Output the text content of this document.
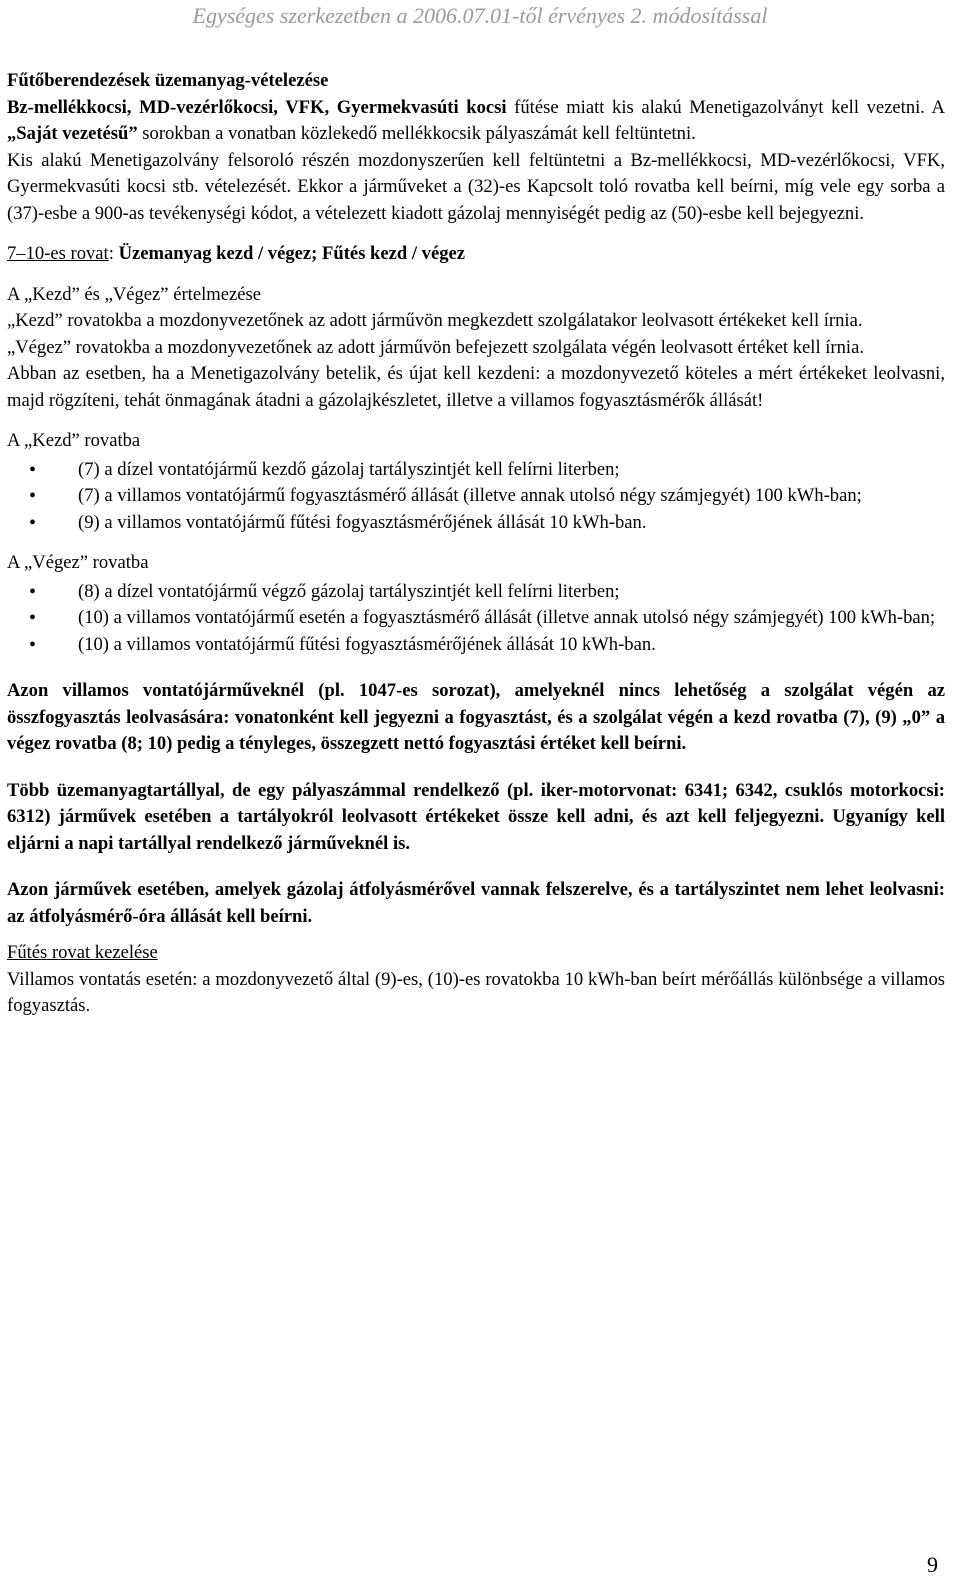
Egységes szerkezetben a 2006.07.01-től érvényes 2. módosítással

Fűtőberendezések üzemanyag-vételezése

Bz-mellékkocsi, MD-vezérlőkocsi, VFK, Gyermekvasúti kocsi fűtése miatt kis alakú Menetigazolványt kell vezetni. A „Saját vezetésű” sorokban a vonatban közlekedő mellékkocsik pályaszámát kell feltüntetni.

Kis alakú Menetigazolvány felsoroló részén mozdonyszerűen kell feltüntetni a Bz-mellékkocsi, MD-vezérlőkocsi, VFK, Gyermekvasúti kocsi stb. vételezését. Ekkor a járműveket a (32)-es Kapcsolt toló rovatba kell beírni, míg vele egy sorba a (37)-esbe a 900-as tevékenységi kódot, a vételezett kiadott gázolaj mennyiségét pedig az (50)-esbe kell bejegyezni.

7–10-es rovat: Üzemanyag kezd / végez; Fűtés kezd / végez

A „Kezd” és „Végez” értelmezése

„Kezd” rovatokba a mozdonyvezetőnek az adott járművön megkezdett szolgálatakor leolvasott értékeket kell írnia.

„Végez” rovatokba a mozdonyvezetőnek az adott járművön befejezett szolgálata végén leolvasott értéket kell írnia.

Abban az esetben, ha a Menetigazolvány betelik, és újat kell kezdeni: a mozdonyvezető köteles a mért értékeket leolvasni, majd rögzíteni, tehát önmagának átadni a gázolajkészletet, illetve a villamos fogyasztásmérők állását!

A „Kezd” rovatba

• (7) a dízel vontatójármű kezdő gázolaj tartályszintjét kell felírni literben;
• (7) a villamos vontatójármű fogyasztásmérő állását (illetve annak utolsó négy számjegyét) 100 kWh-ban;
• (9) a villamos vontatójármű fűtési fogyasztásmérőjének állását 10 kWh-ban.

A „Végez” rovatba

• (8) a dízel vontatójármű végző gázolaj tartályszintjét kell felírni literben;
• (10) a villamos vontatójármű esetén a fogyasztásmérő állását (illetve annak utolsó négy számjegyét) 100 kWh-ban;
• (10) a villamos vontatójármű fűtési fogyasztásmérőjének állását 10 kWh-ban.

Azon villamos vontatójárműveknél (pl. 1047-es sorozat), amelyeknél nincs lehetőség a szolgálat végén az összfogyasztás leolvasására: vonatonként kell jegyezni a fogyasztást, és a szolgálat végén a kezd rovatba (7), (9) „0” a végez rovatba (8; 10) pedig a tényleges, összegzett nettó fogyasztási értéket kell beírni.

Több üzemanyagtartállyal, de egy pályaszámmal rendelkező (pl. iker-motorvonat: 6341; 6342, csuklós motorkocsi: 6312) járművek esetében a tartályokról leolvasott értékeket össze kell adni, és azt kell feljegyezni. Ugyanígy kell eljárni a napi tartállyal rendelkező járműveknél is.

Azon járművek esetében, amelyek gázolaj átfolyásmérővel vannak felszerelve, és a tartályszintet nem lehet leolvasni: az átfolyásmérő-óra állását kell beírni.

Fűtés rovat kezelése

Villamos vontatás esetén: a mozdonyvezető által (9)-es, (10)-es rovatokba 10 kWh-ban beírt mérőállás különbsége a villamos fogyasztás.

9
